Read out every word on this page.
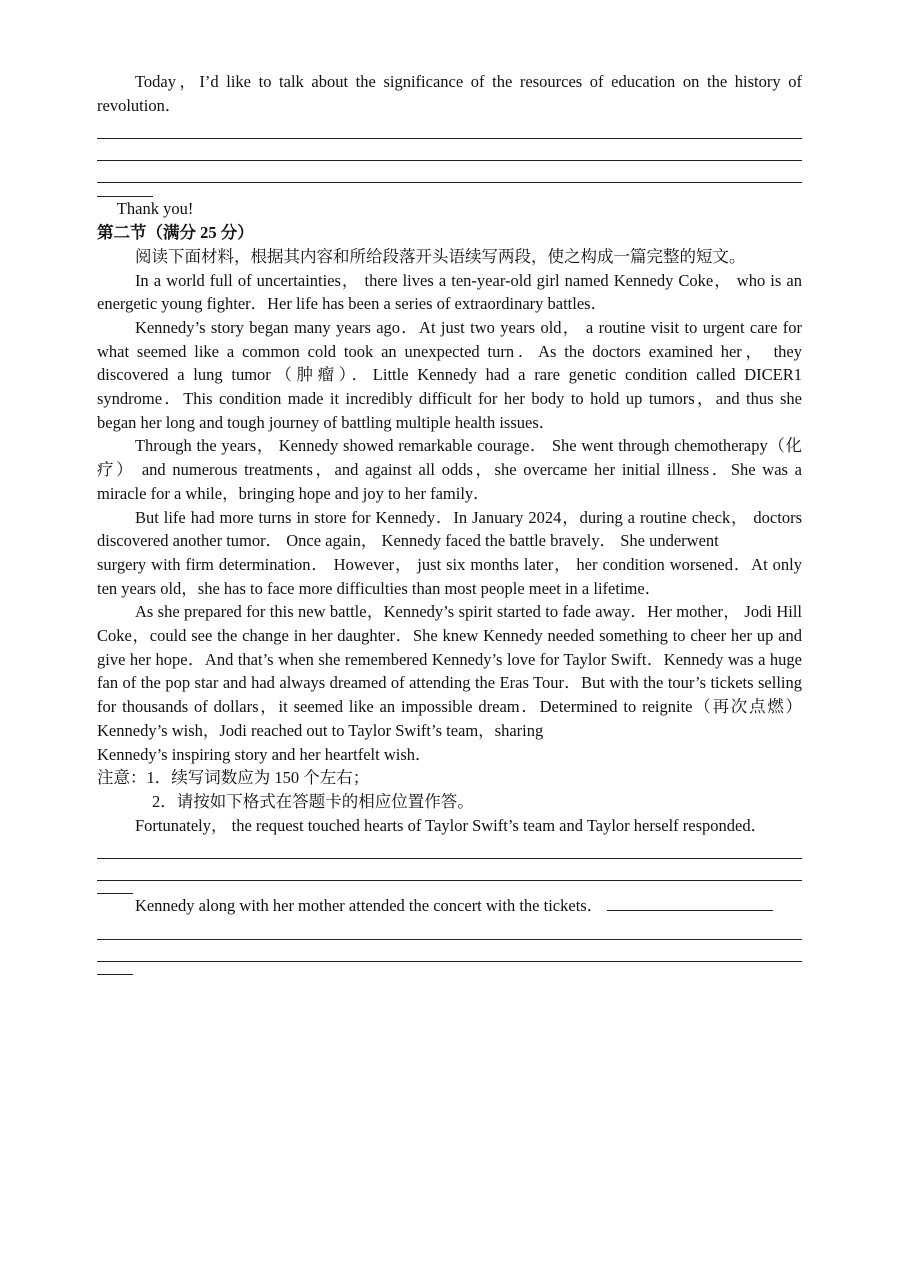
Today，I’d like to talk about the significance of the resources of education on the history of revolution．

Thank you!

第二节（满分 25 分）

阅读下面材料，根据其内容和所给段落开头语续写两段，使之构成一篇完整的短文。

In a world full of uncertainties， there lives a ten-year-old girl named Kennedy Coke， who is an energetic young fighter．Her life has been a series of extraordinary battles．

Kennedy’s story began many years ago．At just two years old， a routine visit to urgent care for what seemed like a common cold took an unexpected turn．As the doctors examined her， they discovered a lung tumor（肿瘤）．Little Kennedy had a rare genetic condition called DICER1 syndrome．This condition made it incredibly difficult for her body to hold up tumors，and thus she began her long and tough journey of battling multiple health issues．

Through the years， Kennedy showed remarkable courage． She went through chemotherapy（化疗） and numerous treatments，and against all odds，she overcame her initial illness．She was a miracle for a while，bringing hope and joy to her family．

But life had more turns in store for Kennedy．In January 2024，during a routine check， doctors discovered another tumor． Once again， Kennedy faced the battle bravely． She underwent

surgery with firm determination． However， just six months later， her condition worsened．At only ten years old，she has to face more difficulties than most people meet in a lifetime．

As she prepared for this new battle，Kennedy’s spirit started to fade away．Her mother， Jodi Hill Coke，could see the change in her daughter．She knew Kennedy needed something to cheer her up and give her hope．And that’s when she remembered Kennedy’s love for Taylor Swift．Kennedy was a huge fan of the pop star and had always dreamed of attending the Eras Tour．But with the tour’s tickets selling for thousands of dollars，it seemed like an impossible dream．Determined to reignite（再次点燃）Kennedy’s wish，Jodi reached out to Taylor Swift’s team，sharing

Kennedy’s inspiring story and her heartfelt wish．

注意：1．续写词数应为 150 个左右；

2．请按如下格式在答题卡的相应位置作答。

Fortunately， the request touched hearts of Taylor Swift’s team and Taylor herself responded．

Kennedy along with her mother attended the concert with the tickets．
